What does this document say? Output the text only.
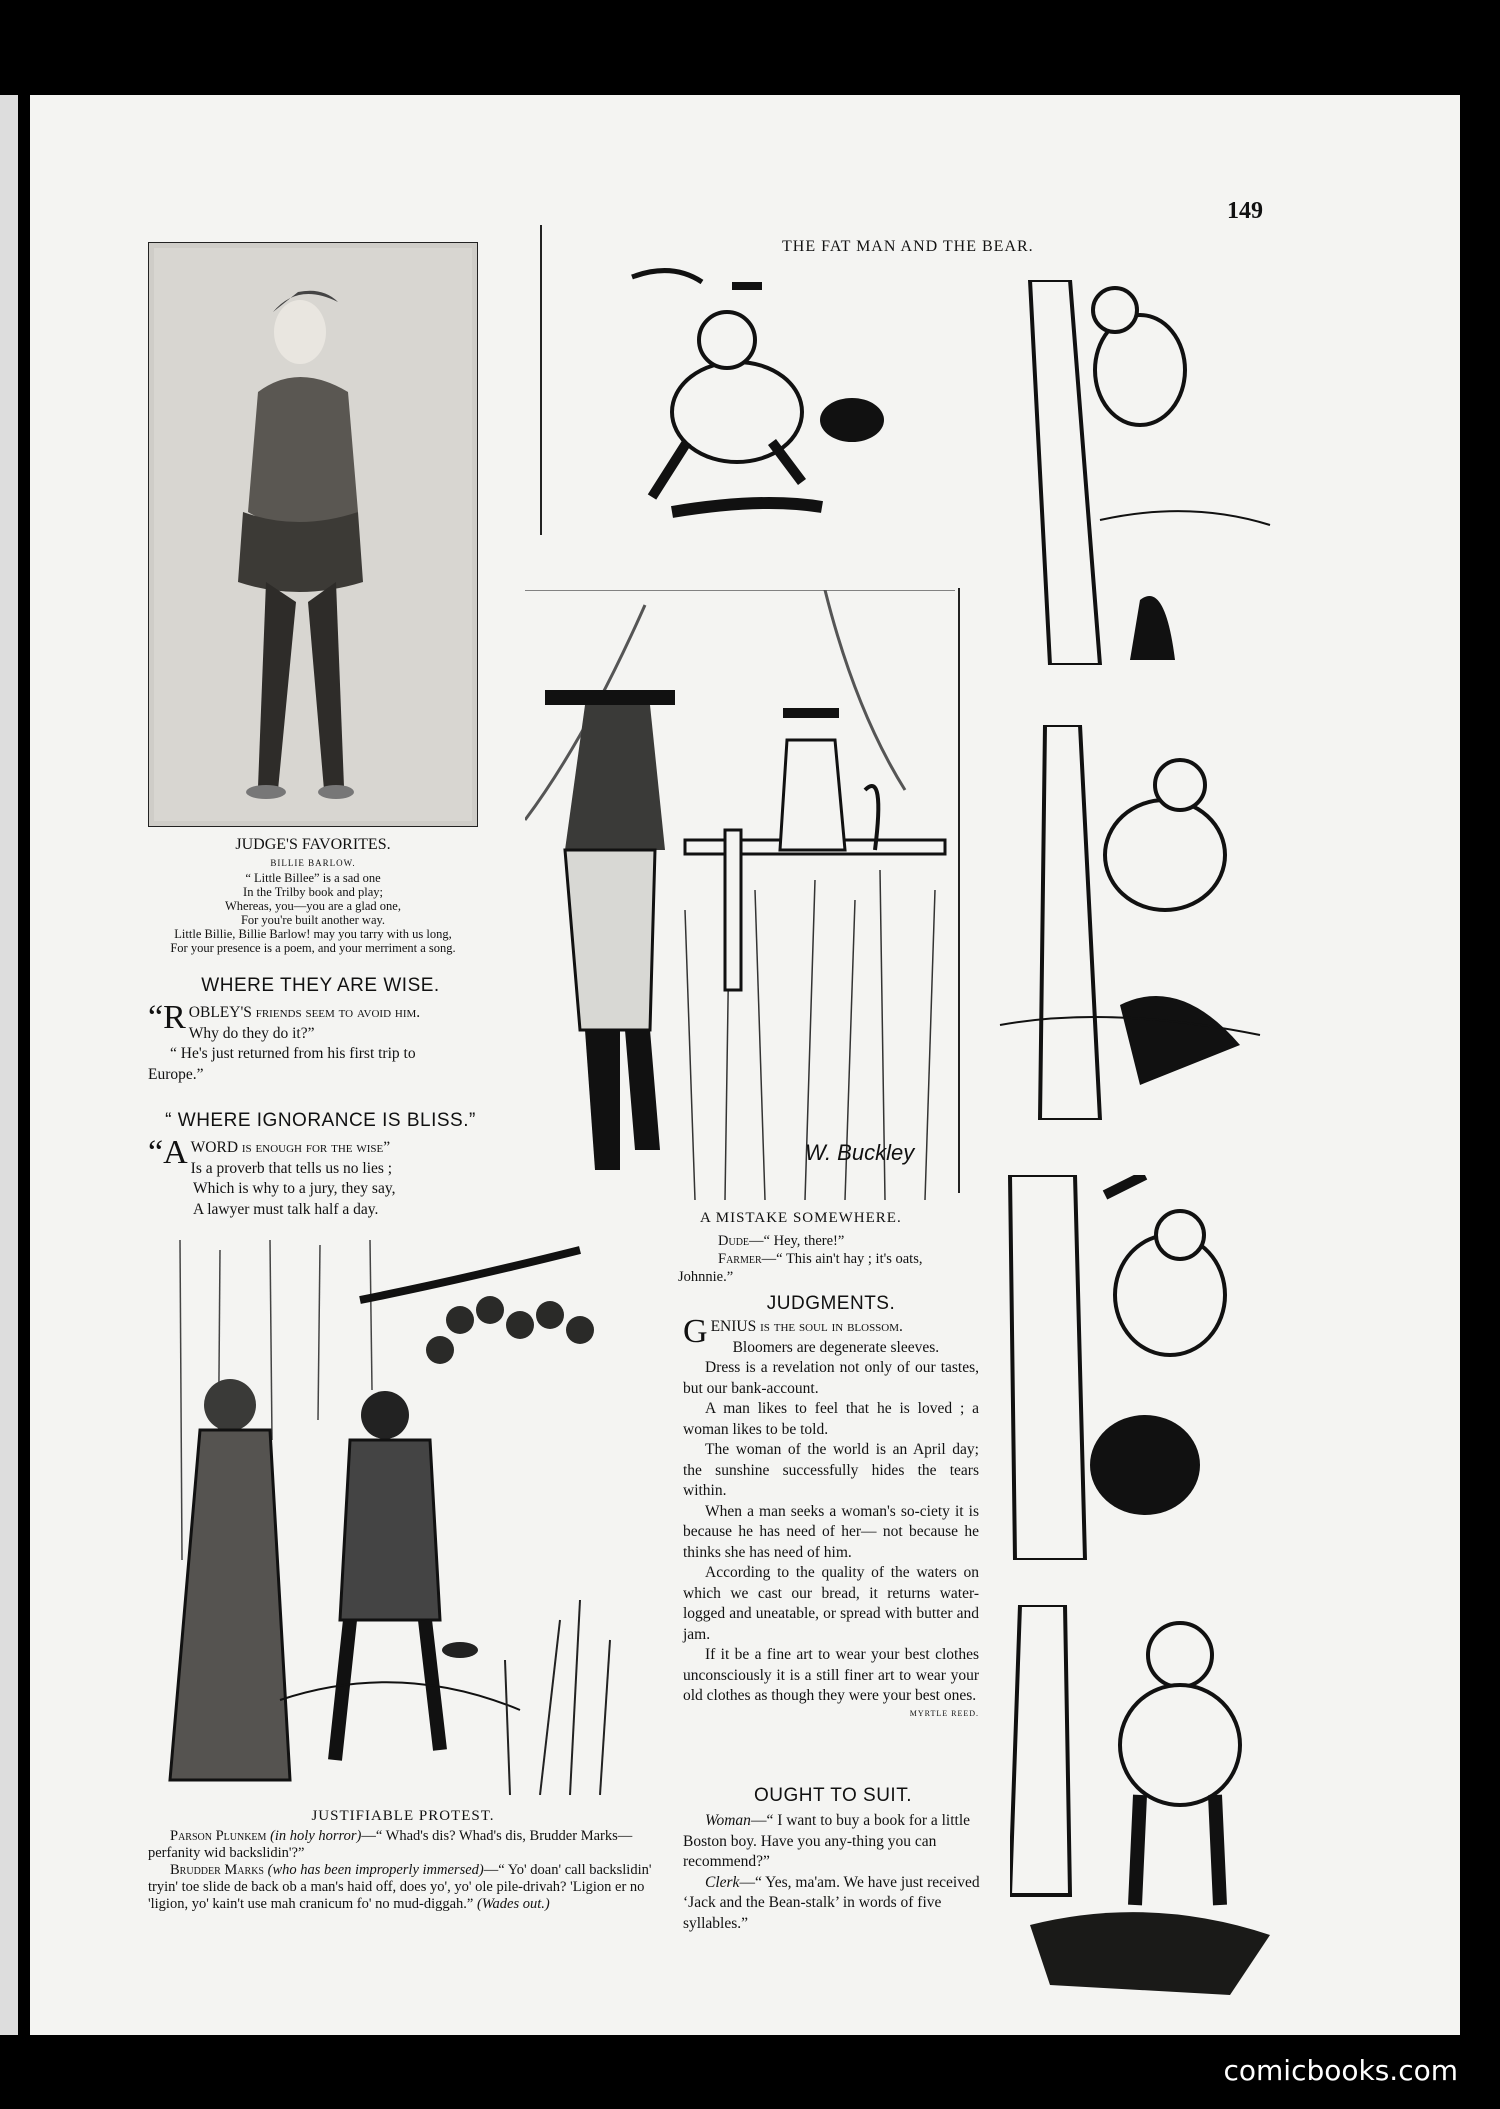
149
THE FAT MAN AND THE BEAR.
JUDGE'S FAVORITES.
BILLIE BARLOW.
“ Little Billee” is a sad one
In the Trilby book and play;
Whereas, you—you are a glad one,
For you're built another way.
Little Billie, Billie Barlow! may you tarry with us long,
For your presence is a poem, and your merriment a song.
WHERE THEY ARE WISE.
“R OBLEY'S friends seem to avoid him.
Why do they do it?”
“ He's just returned from his first trip to
Europe.”
“ WHERE IGNORANCE IS BLISS.”
“A WORD is enough for the wise”
Is a proverb that tells us no lies ;
Which is why to a jury, they say,
A lawyer must talk half a day.
W. Buckley
A MISTAKE SOMEWHERE.
Dude—“ Hey, there!”
Farmer—“ This ain't hay ; it's oats,
Johnnie.”
JUSTIFIABLE PROTEST.

Parson Plunkem (in holy horror)—“ Whad's dis? Whad's dis, Brudder Marks—perfanity wid backslidin'?”

Brudder Marks (who has been improperly immersed)—“ Yo' doan' call backslidin' tryin' toe slide de back ob a man's haid off, does yo', yo' ole pile-drivah? 'Ligion er no 'ligion, yo' kain't use mah cranicum fo' no mud-diggah.” (Wades out.)

JUDGMENTS.
G ENIUS is the soul in blossom.

Bloomers are degenerate sleeves.

Dress is a revelation not only of our tastes, but our bank-account.

A man likes to feel that he is loved ; a woman likes to be told.

The woman of the world is an April day; the sunshine successfully hides the tears within.

When a man seeks a woman's so-ciety it is because he has need of her— not because he thinks she has need of him.

According to the quality of the waters on which we cast our bread, it returns water-logged and uneatable, or spread with butter and jam.

If it be a fine art to wear your best clothes unconsciously it is a still finer art to wear your old clothes as though they were your best ones.

MYRTLE REED.
OUGHT TO SUIT.

Woman—“ I want to buy a book for a little Boston boy. Have you any-thing you can recommend?”

Clerk—“ Yes, ma'am. We have just received ‘Jack and the Bean-stalk’ in words of five syllables.”

comicbooks.com
